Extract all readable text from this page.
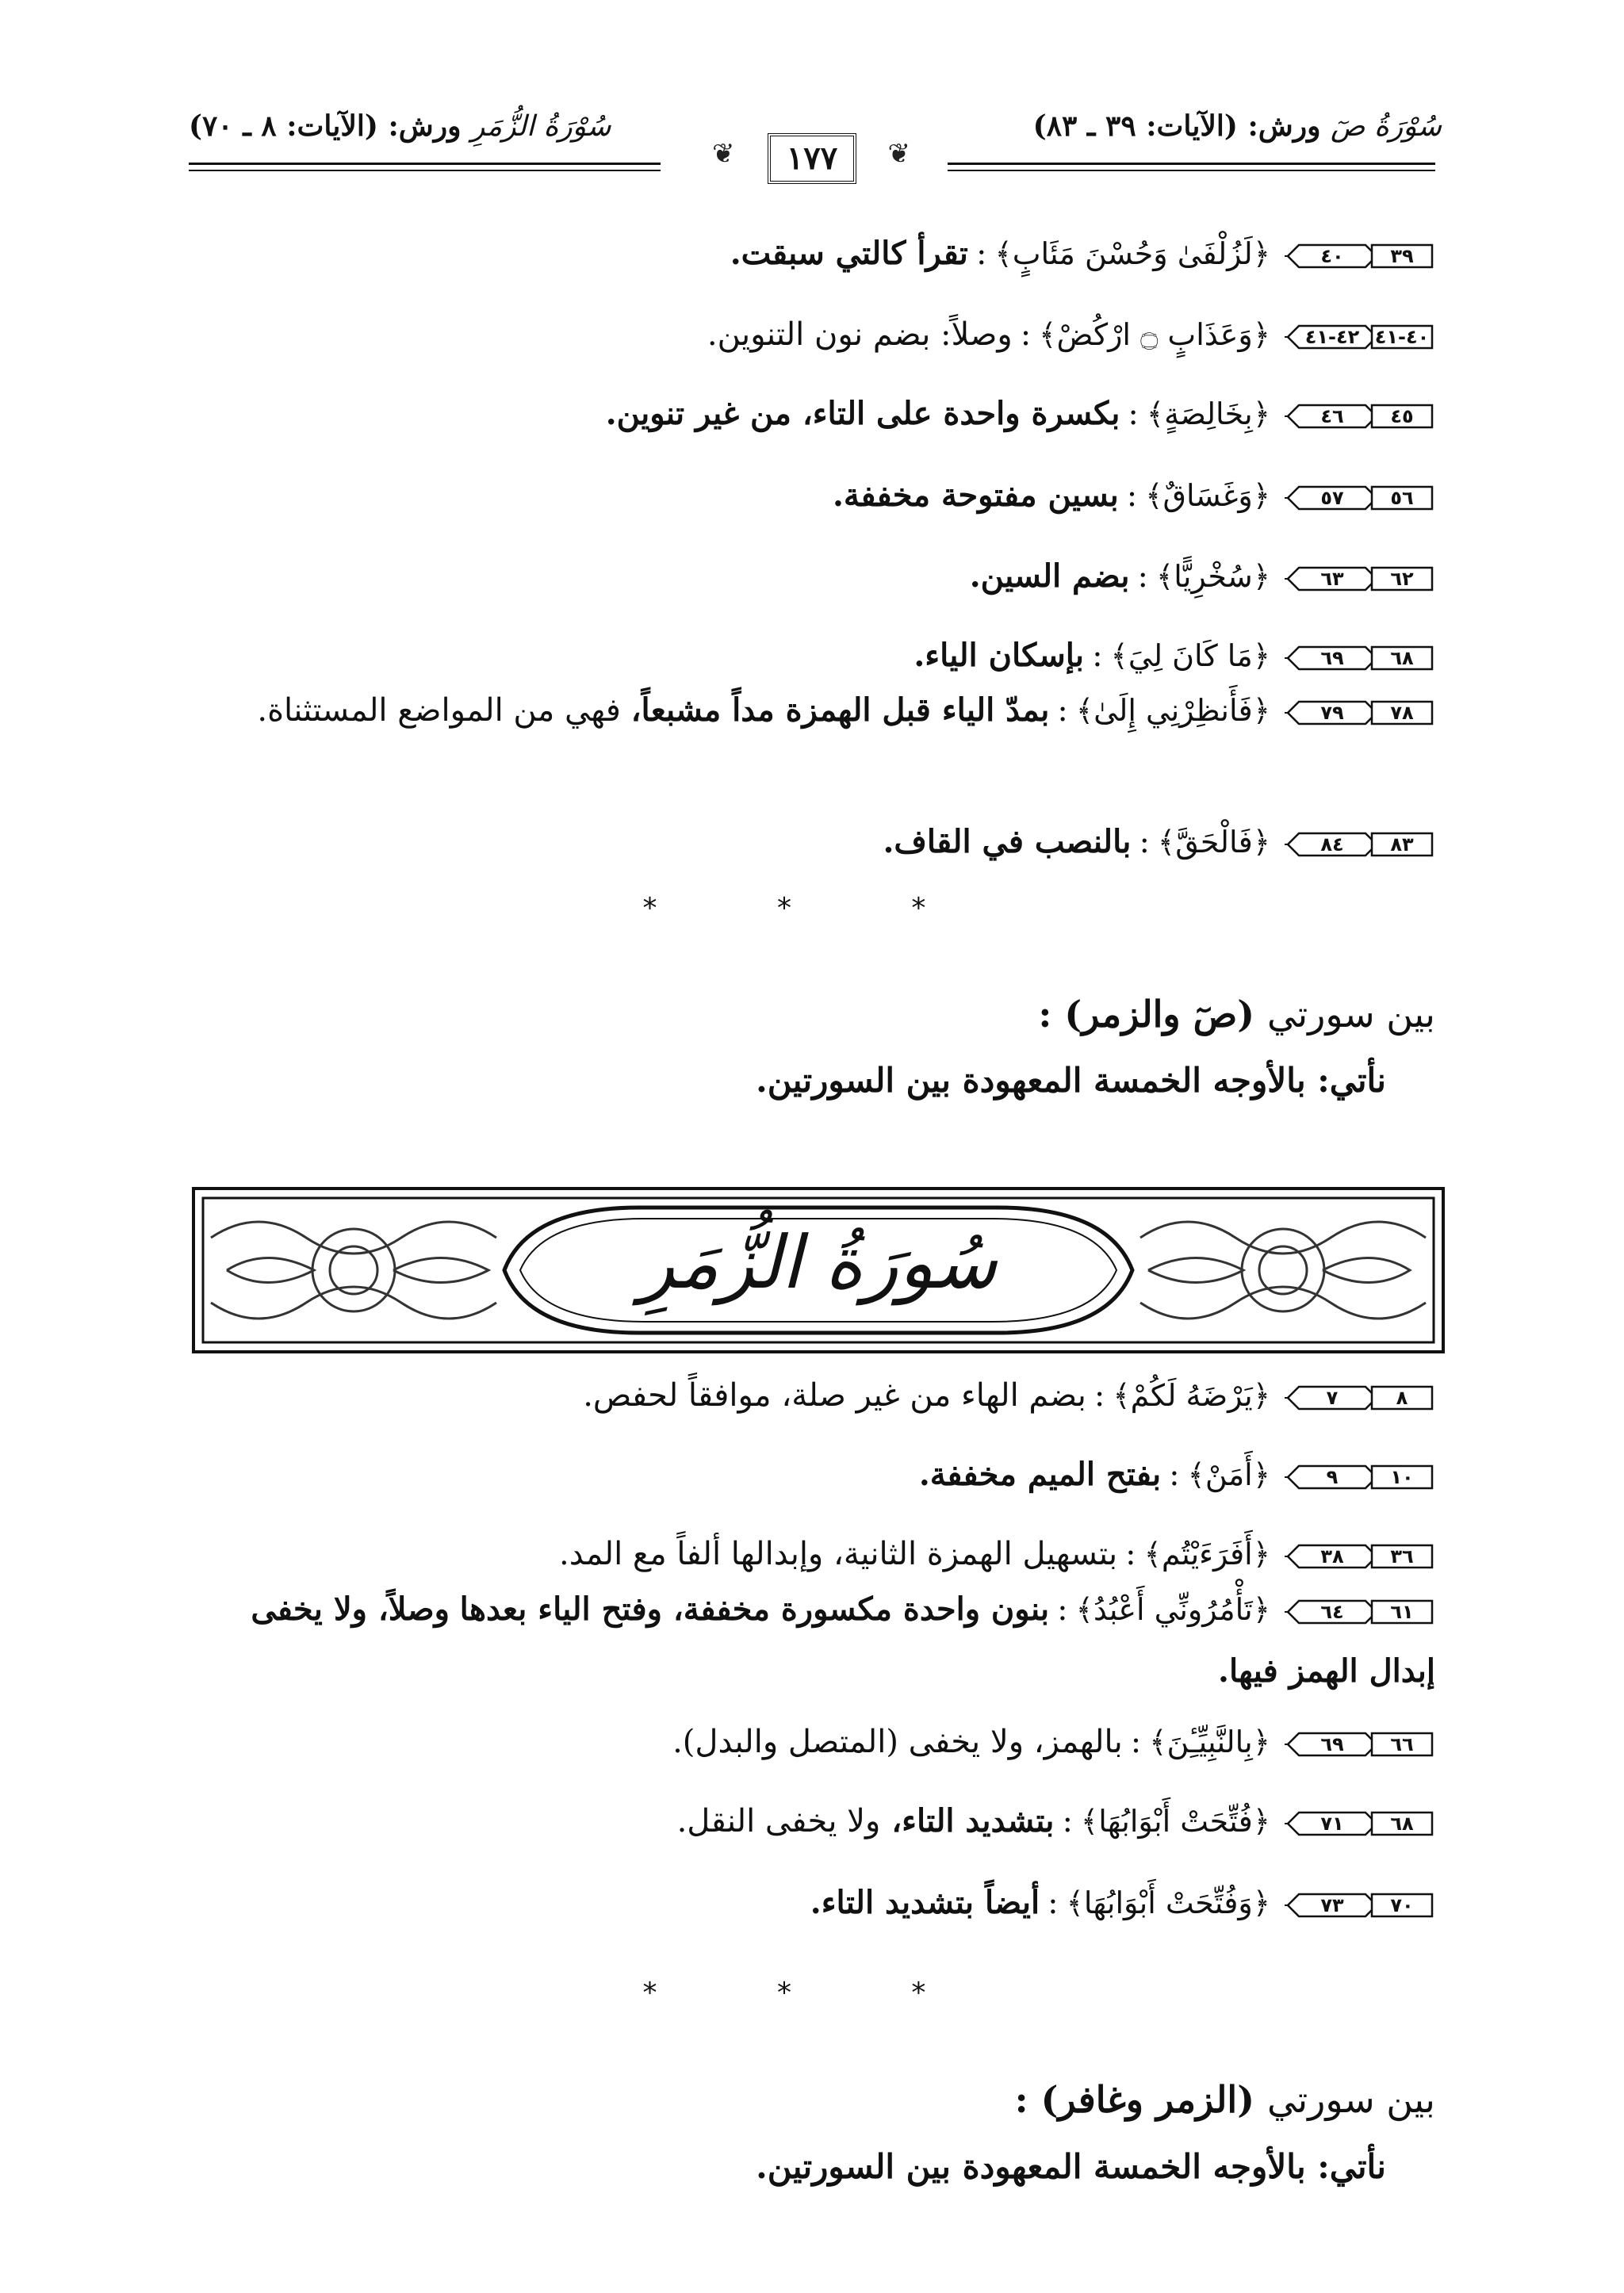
سُوْرَةُ صٓ ورش: (الآيات: ٣٩ ـ ٨٣)
سُوْرَةُ الزُّمَرِ ورش: (الآيات: ٨ ـ ٧٠)
❦
١٧٧
❦
٤٠	٣٩
﴿لَزُلْفَىٰ وَحُسْنَ مَئَابٍ﴾:تقرأ كالتي سبقت.
٤٢-٤١ ٤٠-٤١
﴿وَعَذَابٍ ۝ ارْكُضْ﴾:وصلاً: بضم نون التنوين.
٤٦	٤٥
﴿بِخَالِصَةٍ﴾:بكسرة واحدة على التاء، من غير تنوين.
٥٧	٥٦
﴿وَغَسَاقٌ﴾:بسين مفتوحة مخففة.
٦٣	٦٢
﴿سُخْرِيًّا﴾:بضم السين.
٦٩	٦٨
﴿مَا كَانَ لِيَ﴾:بإسكان الياء.
٧٩	٧٨
﴿فَأَنظِرْنِي إِلَىٰ﴾:بمدّ الياء قبل الهمزة مداً مشبعاً، فهي من المواضع المستثناة.
٨٤	٨٣
﴿فَالْحَقَّ﴾:بالنصب في القاف.
* * *
بين سورتي (صٓ والزمر) :
نأتي: بالأوجه الخمسة المعهودة بين السورتين.
سُورَةُ الزُّمَرِ
٧	٨
﴿يَرْضَهُ لَكُمْ﴾:بضم الهاء من غير صلة، موافقاً لحفص.
٩	١٠
﴿أَمَنْ﴾:بفتح الميم مخففة.
٣٨	٣٦
﴿أَفَرَءَيْتُم﴾:بتسهيل الهمزة الثانية، وإبدالها ألفاً مع المد.
٦٤	٦١
﴿تَأْمُرُونِّي أَعْبُدُ﴾:بنون واحدة مكسورة مخففة، وفتح الياء بعدها وصلاً، ولا يخفى إبدال الهمز فيها.
٦٩	٦٦
﴿بِالنَّبِيِّـِٔنَ﴾:بالهمز، ولا يخفى (المتصل والبدل).
٧١	٦٨
﴿فُتِّحَتْ أَبْوَابُهَا﴾:بتشديد التاء، ولا يخفى النقل.
٧٣	٧٠
﴿وَفُتِّحَتْ أَبْوَابُهَا﴾:أيضاً بتشديد التاء.
* * *
بين سورتي (الزمر وغافر) :
نأتي: بالأوجه الخمسة المعهودة بين السورتين.
